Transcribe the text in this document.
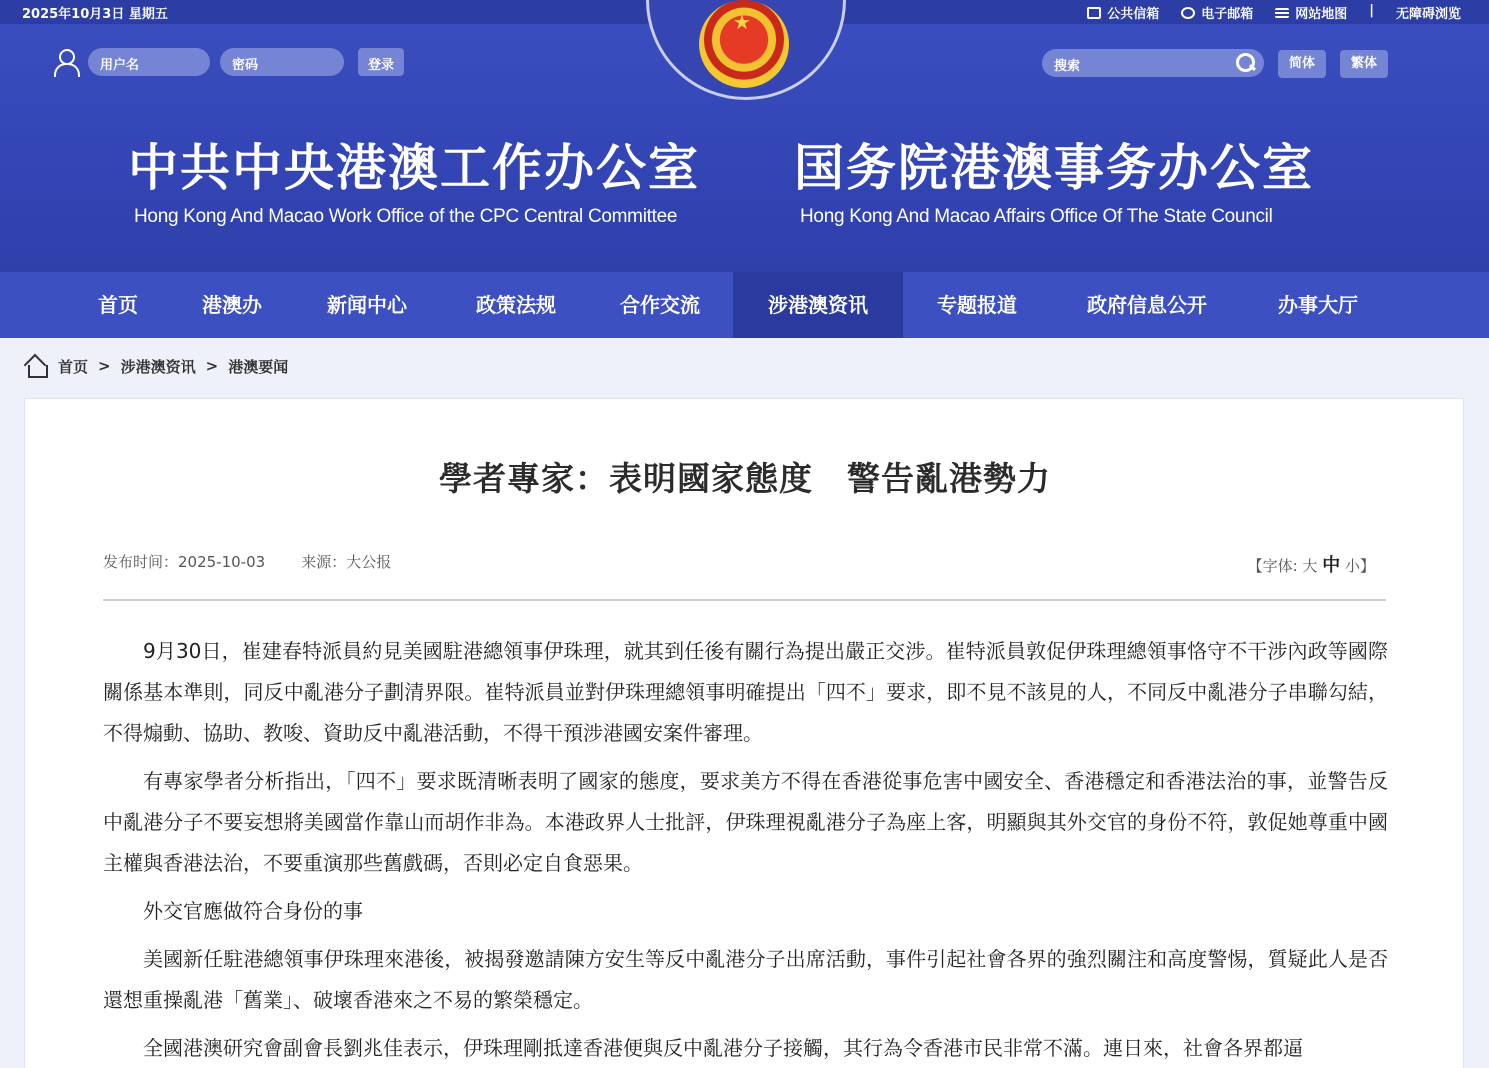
2025年10月3日 星期五	公共信箱	电子邮箱	网站地图 | 无障碍浏览
★
用户名	密码	登录	搜索	简体	繁体
中共中央港澳工作办公室
Hong Kong And Macao Work Office of the CPC Central Committee
国务院港澳事务办公室
Hong Kong And Macao Affairs Office Of The State Council
首页	港澳办	新闻中心	政策法规	合作交流	涉港澳资讯	专题报道	政府信息公开	办事大厅
首页 > 涉港澳资讯 > 港澳要闻
學者專家：表明國家態度　警告亂港勢力
发布时间：2025-10-03 来源：大公报	【字体: 大 中 小】

9月30日，崔建春特派員約見美國駐港總領事伊珠理，就其到任後有關行為提出嚴正交涉。崔特派員敦促伊珠理總領事恪守不干涉內政等國際關係基本準則，同反中亂港分子劃清界限。崔特派員並對伊珠理總領事明確提出「四不」要求，即不見不該見的人，不同反中亂港分子串聯勾結，不得煽動、協助、教唆、資助反中亂港活動，不得干預涉港國安案件審理。

有專家學者分析指出，「四不」要求既清晰表明了國家的態度，要求美方不得在香港從事危害中國安全、香港穩定和香港法治的事，並警告反中亂港分子不要妄想將美國當作靠山而胡作非為。本港政界人士批評，伊珠理視亂港分子為座上客，明顯與其外交官的身份不符，敦促她尊重中國主權與香港法治，不要重演那些舊戲碼，否則必定自食惡果。

外交官應做符合身份的事

美國新任駐港總領事伊珠理來港後，被揭發邀請陳方安生等反中亂港分子出席活動，事件引起社會各界的強烈關注和高度警惕，質疑此人是否還想重操亂港「舊業」、破壞香港來之不易的繁榮穩定。

全國港澳研究會副會長劉兆佳表示，伊珠理剛抵達香港便與反中亂港分子接觸，其行為令香港市民非常不滿。連日來，社會各界都逼
